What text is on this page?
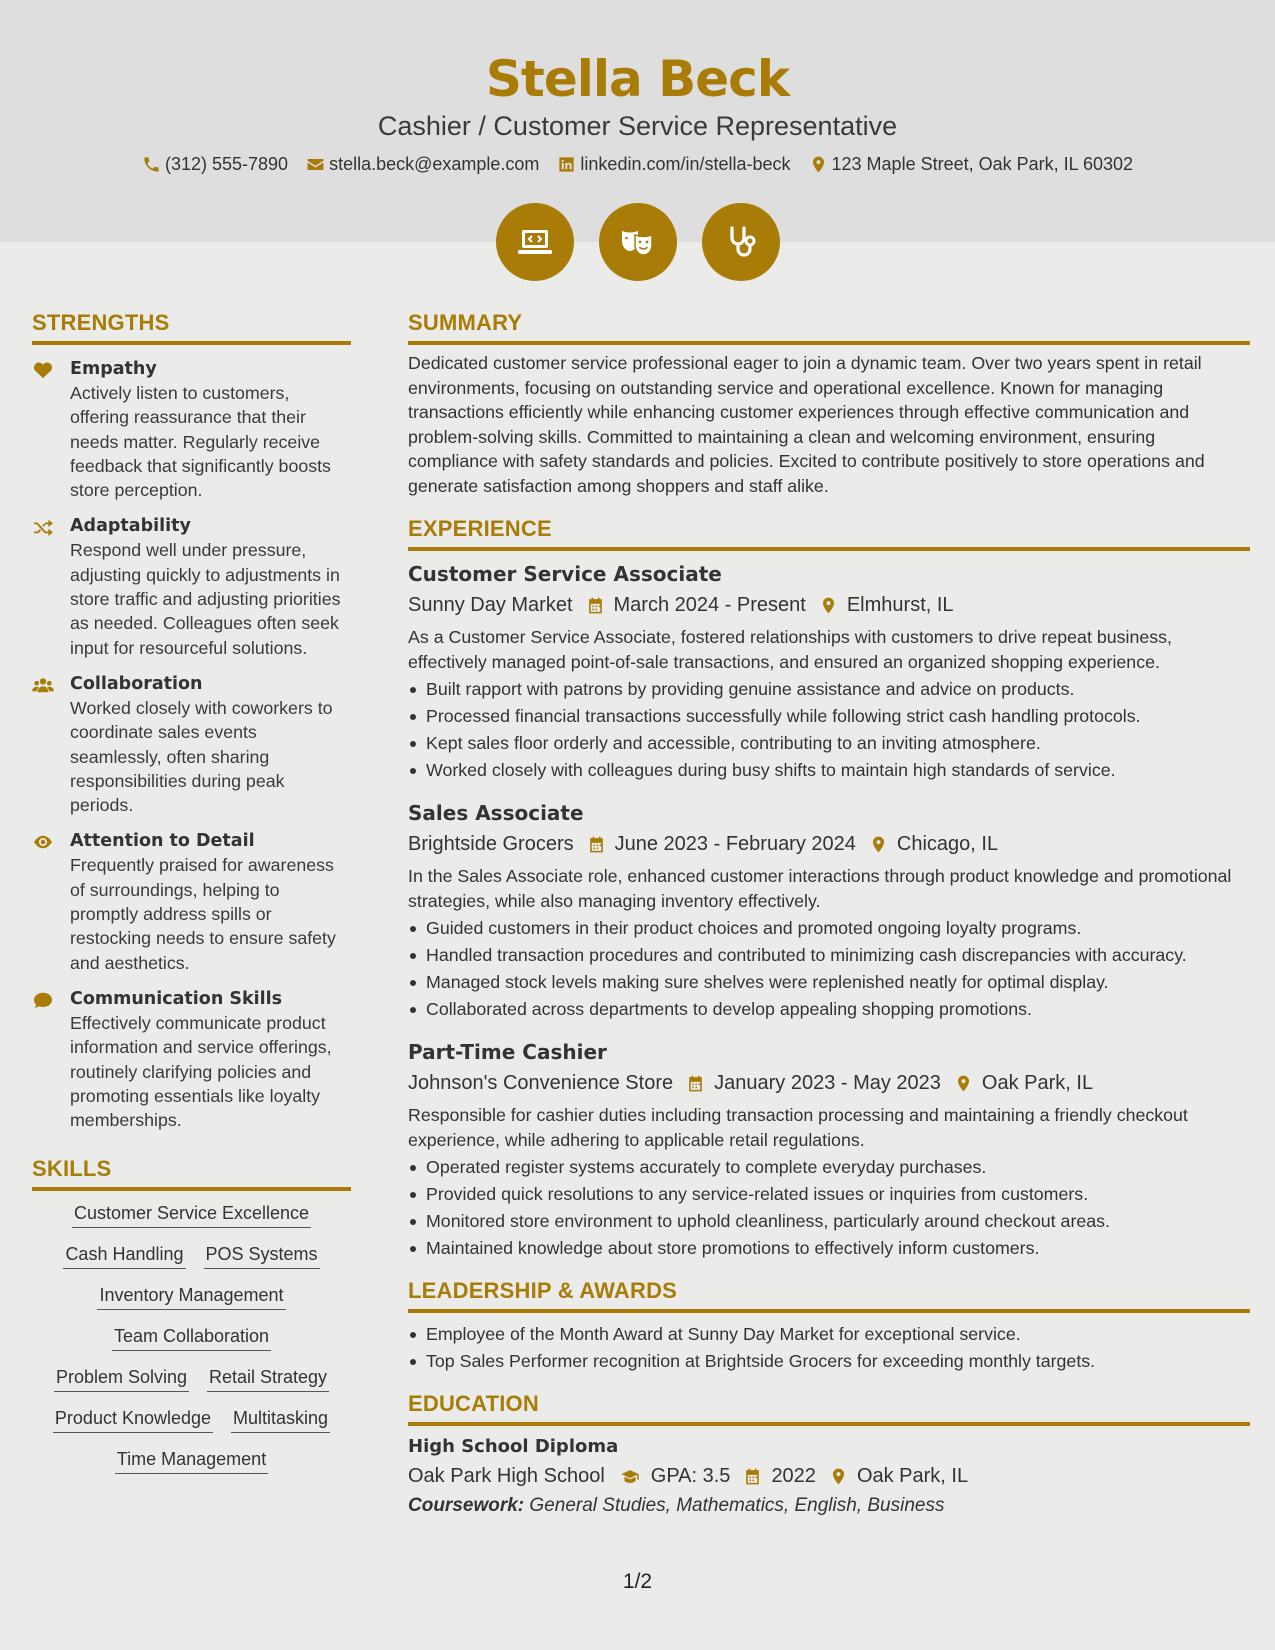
Stella Beck
Cashier / Customer Service Representative
(312) 555-7890 stella.beck@example.com linkedin.com/in/stella-beck 123 Maple Street, Oak Park, IL 60302
STRENGTHS
Empathy
Actively listen to customers, offering reassurance that their needs matter. Regularly receive feedback that significantly boosts store perception.
Adaptability
Respond well under pressure, adjusting quickly to adjustments in store traffic and adjusting priorities as needed. Colleagues often seek input for resourceful solutions.
Collaboration
Worked closely with coworkers to coordinate sales events seamlessly, often sharing responsibilities during peak periods.
Attention to Detail
Frequently praised for awareness of surroundings, helping to promptly address spills or restocking needs to ensure safety and aesthetics.
Communication Skills
Effectively communicate product information and service offerings, routinely clarifying policies and promoting essentials like loyalty memberships.
SKILLS
Customer Service Excellence
Cash Handling POS Systems
Inventory Management
Team Collaboration
Problem Solving Retail Strategy
Product Knowledge Multitasking
Time Management
SUMMARY
Dedicated customer service professional eager to join a dynamic team. Over two years spent in retail environments, focusing on outstanding service and operational excellence. Known for managing transactions efficiently while enhancing customer experiences through effective communication and problem-solving skills. Committed to maintaining a clean and welcoming environment, ensuring compliance with safety standards and policies. Excited to contribute positively to store operations and generate satisfaction among shoppers and staff alike.
EXPERIENCE
Customer Service Associate
Sunny Day Market March 2024 - Present Elmhurst, IL
As a Customer Service Associate, fostered relationships with customers to drive repeat business, effectively managed point-of-sale transactions, and ensured an organized shopping experience.
Built rapport with patrons by providing genuine assistance and advice on products.
Processed financial transactions successfully while following strict cash handling protocols.
Kept sales floor orderly and accessible, contributing to an inviting atmosphere.
Worked closely with colleagues during busy shifts to maintain high standards of service.
Sales Associate
Brightside Grocers June 2023 - February 2024 Chicago, IL
In the Sales Associate role, enhanced customer interactions through product knowledge and promotional strategies, while also managing inventory effectively.
Guided customers in their product choices and promoted ongoing loyalty programs.
Handled transaction procedures and contributed to minimizing cash discrepancies with accuracy.
Managed stock levels making sure shelves were replenished neatly for optimal display.
Collaborated across departments to develop appealing shopping promotions.
Part-Time Cashier
Johnson's Convenience Store January 2023 - May 2023 Oak Park, IL
Responsible for cashier duties including transaction processing and maintaining a friendly checkout experience, while adhering to applicable retail regulations.
Operated register systems accurately to complete everyday purchases.
Provided quick resolutions to any service-related issues or inquiries from customers.
Monitored store environment to uphold cleanliness, particularly around checkout areas.
Maintained knowledge about store promotions to effectively inform customers.
LEADERSHIP & AWARDS
Employee of the Month Award at Sunny Day Market for exceptional service.
Top Sales Performer recognition at Brightside Grocers for exceeding monthly targets.
EDUCATION
High School Diploma
Oak Park High School GPA: 3.5 2022 Oak Park, IL
Coursework: General Studies, Mathematics, English, Business
1/2
